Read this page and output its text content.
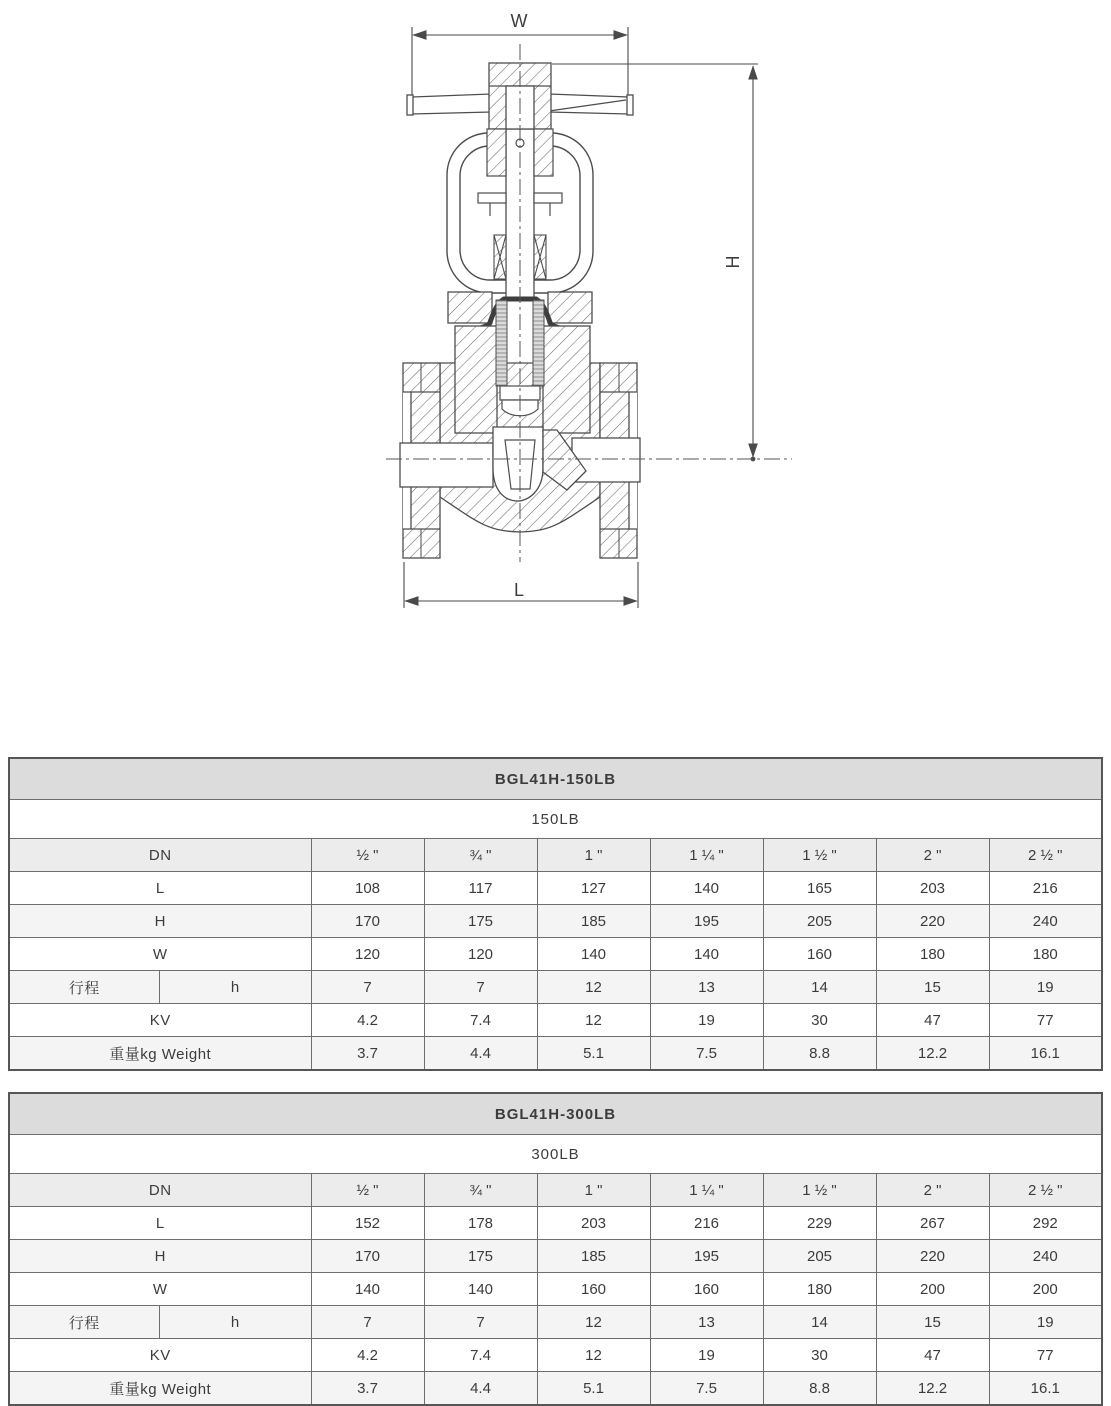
W
H
L
BGL41H-150LB								
150LB								
DN		½ "	¾ "	1 "	1 ¼ "	1 ½ "	2 "	2 ½ "
L		108	117	127	140	165	203	216
H		170	175	185	195	205	220	240
W		120	120	140	140	160	180	180
行程	h	7	7	12	13	14	15	19
KV		4.2	7.4	12	19	30	47	77
重量kg Weight		3.7	4.4	5.1	7.5	8.8	12.2	16.1
BGL41H-300LB								
300LB								
DN		½ "	¾ "	1 "	1 ¼ "	1 ½ "	2 "	2 ½ "
L		152	178	203	216	229	267	292
H		170	175	185	195	205	220	240
W		140	140	160	160	180	200	200
行程	h	7	7	12	13	14	15	19
KV		4.2	7.4	12	19	30	47	77
重量kg Weight		3.7	4.4	5.1	7.5	8.8	12.2	16.1
